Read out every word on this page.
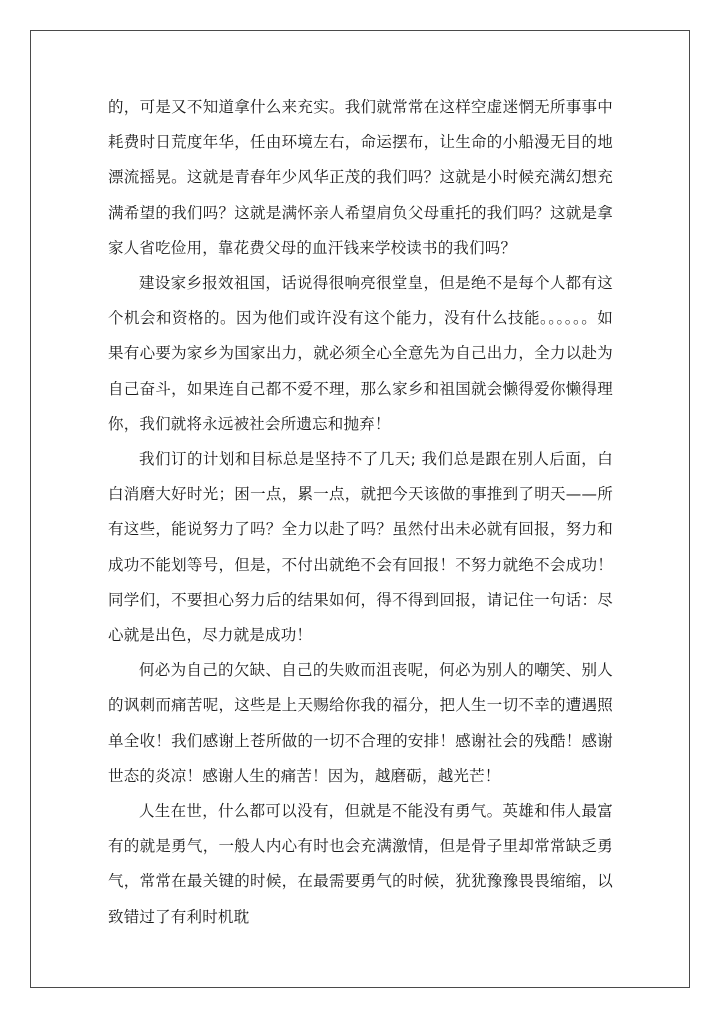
的，可是又不知道拿什么来充实。我们就常常在这样空虚迷惘无所事事中耗费时日荒度年华，任由环境左右，命运摆布，让生命的小船漫无目的地漂流摇晃。这就是青春年少风华正茂的我们吗？这就是小时候充满幻想充满希望的我们吗？这就是满怀亲人希望肩负父母重托的我们吗？这就是拿家人省吃俭用，靠花费父母的血汗钱来学校读书的我们吗？

建设家乡报效祖国，话说得很响亮很堂皇，但是绝不是每个人都有这个机会和资格的。因为他们或许没有这个能力，没有什么技能。。。。。。如果有心要为家乡为国家出力，就必须全心全意先为自己出力，全力以赴为自己奋斗，如果连自己都不爱不理，那么家乡和祖国就会懒得爱你懒得理你，我们就将永远被社会所遗忘和抛弃！

我们订的计划和目标总是坚持不了几天; 我们总是跟在别人后面，白白消磨大好时光；困一点，累一点，就把今天该做的事推到了明天——所有这些，能说努力了吗？全力以赴了吗？虽然付出未必就有回报，努力和成功不能划等号，但是，不付出就绝不会有回报！不努力就绝不会成功！同学们，不要担心努力后的结果如何，得不得到回报，请记住一句话：尽心就是出色，尽力就是成功！

何必为自己的欠缺、自己的失败而沮丧呢，何必为别人的嘲笑、别人的讽刺而痛苦呢，这些是上天赐给你我的福分，把人生一切不幸的遭遇照单全收！我们感谢上苍所做的一切不合理的安排！感谢社会的残酷！感谢世态的炎凉！感谢人生的痛苦！因为，越磨砺，越光芒！

人生在世，什么都可以没有，但就是不能没有勇气。英雄和伟人最富有的就是勇气，一般人内心有时也会充满激情，但是骨子里却常常缺乏勇气，常常在最关键的时候，在最需要勇气的时候，犹犹豫豫畏畏缩缩，以致错过了有利时机耽
